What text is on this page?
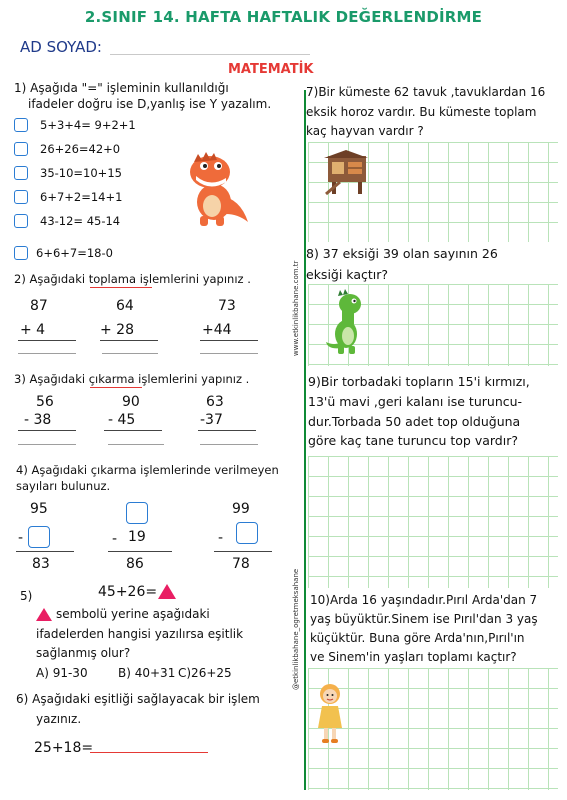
2.SINIF 14. HAFTA HAFTALIK DEĞERLENDİRME
AD SOYAD:
MATEMATİK
1) Aşağıda "=" işleminin kullanıldığı
ifadeler doğru ise D,yanlış ise Y yazalım.
5+3+4= 9+2+1
26+26=42+0
35-10=10+15
6+7+2=14+1
43-12= 45-14
6+6+7=18-0
2) Aşağıdaki toplama işlemlerini yapınız .
87
+ 4
64
+ 28
73
+44
3) Aşağıdaki çıkarma işlemlerini yapınız .
56
- 38
90
- 45
63
-37
4) Aşağıdaki çıkarma işlemlerinde verilmeyen
sayıları bulunuz.
95
-
83
- 19
86
99
-
78
5)	45+26=
sembolü yerine aşağıdaki
ifadelerden hangisi yazılırsa eşitlik
sağlanmış olur?
A) 91-30	B) 40+31 C)26+25
6) Aşağıdaki eşitliği sağlayacak bir işlem
yazınız.
25+18=
www.etkinlikbahane.com.tr
@etkinlikbahane_ogretmeksahane
7)Bir kümeste 62 tavuk ,tavuklardan 16
eksik horoz vardır. Bu kümeste toplam
kaç hayvan vardır ?
8) 37 eksiği 39 olan sayının 26
eksiği kaçtır?
9)Bir torbadaki topların 15'i kırmızı,
13'ü mavi ,geri kalanı ise turuncu-
dur.Torbada 50 adet top olduğuna
göre kaç tane turuncu top vardır?
10)Arda 16 yaşındadır.Pırıl Arda'dan 7
yaş büyüktür.Sinem ise Pırıl'dan 3 yaş
küçüktür. Buna göre Arda'nın,Pırıl'ın
ve Sinem'in yaşları toplamı kaçtır?
